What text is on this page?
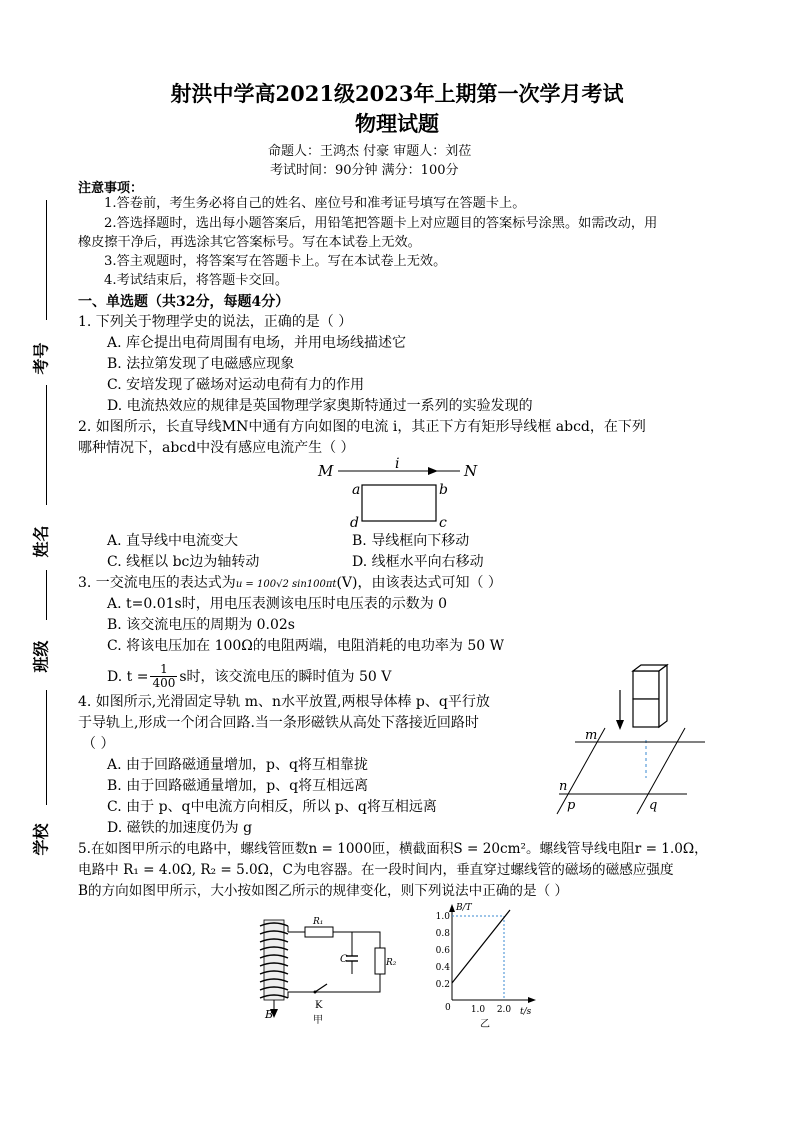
射洪中学高2021级2023年上期第一次学月考试
物理试题
命题人：王鸿杰 付豪 审题人：刘莅
考试时间：90分钟 满分：100分
考号
姓名
班级
学校
注意事项：
1.答卷前，考生务必将自己的姓名、座位号和准考证号填写在答题卡上。
2.答选择题时，选出每小题答案后，用铅笔把答题卡上对应题目的答案标号涂黑。如需改动，用
橡皮擦干净后，再选涂其它答案标号。写在本试卷上无效。
3.答主观题时，将答案写在答题卡上。写在本试卷上无效。
4.考试结束后，将答题卡交回。
一、单选题（共32分，每题4分）
1. 下列关于物理学史的说法，正确的是（ ）
A. 库仑提出电荷周围有电场，并用电场线描述它
B. 法拉第发现了电磁感应现象
C. 安培发现了磁场对运动电荷有力的作用
D. 电流热效应的规律是英国物理学家奥斯特通过一系列的实验发现的
2. 如图所示，长直导线MN中通有方向如图的电流 i，其正下方有矩形导线框 abcd，在下列
哪种情况下，abcd中没有感应电流产生（ ）
M	i	N
a	b
c
d
A. 直导线中电流变大	B. 导线框向下移动
C. 线框以 bc边为轴转动	D. 线框水平向右移动
3. 一交流电压的表达式为u = 100√2 sin100πt(V)，由该表达式可知（ ）
A. t=0.01s时，用电压表测该电压时电压表的示数为 0
B. 该交流电压的周期为 0.02s
C. 将该电压加在 100Ω的电阻两端，电阻消耗的电功率为 50 W
D. $t = \frac{1}{400}$ s时，该交流电压的瞬时值为 50 V
4. 如图所示,光滑固定导轨 m、n水平放置,两根导体棒 p、q平行放
于导轨上,形成一个闭合回路.当一条形磁铁从高处下落接近回路时
（ ）
A. 由于回路磁通量增加，p、q将互相靠拢
B. 由于回路磁通量增加，p、q将互相远离
C. 由于 p、q中电流方向相反，所以 p、q将互相远离
D. 磁铁的加速度仍为 g
m
n
p	q
5.在如图甲所示的电路中，螺线管匝数n = 1000匝，横截面积S = 20cm²。螺线管导线电阻r = 1.0Ω，
电路中 R₁ = 4.0Ω, R₂ = 5.0Ω，C为电容器。在一段时间内，垂直穿过螺线管的磁场的磁感应强度
B的方向如图甲所示，大小按如图乙所示的规律变化，则下列说法中正确的是（ ）
B
R₁
R₂
C
K
甲
B/T
t/s
0
1.0
0.8
0.6
0.4
0.2
1.0 2.0
乙
